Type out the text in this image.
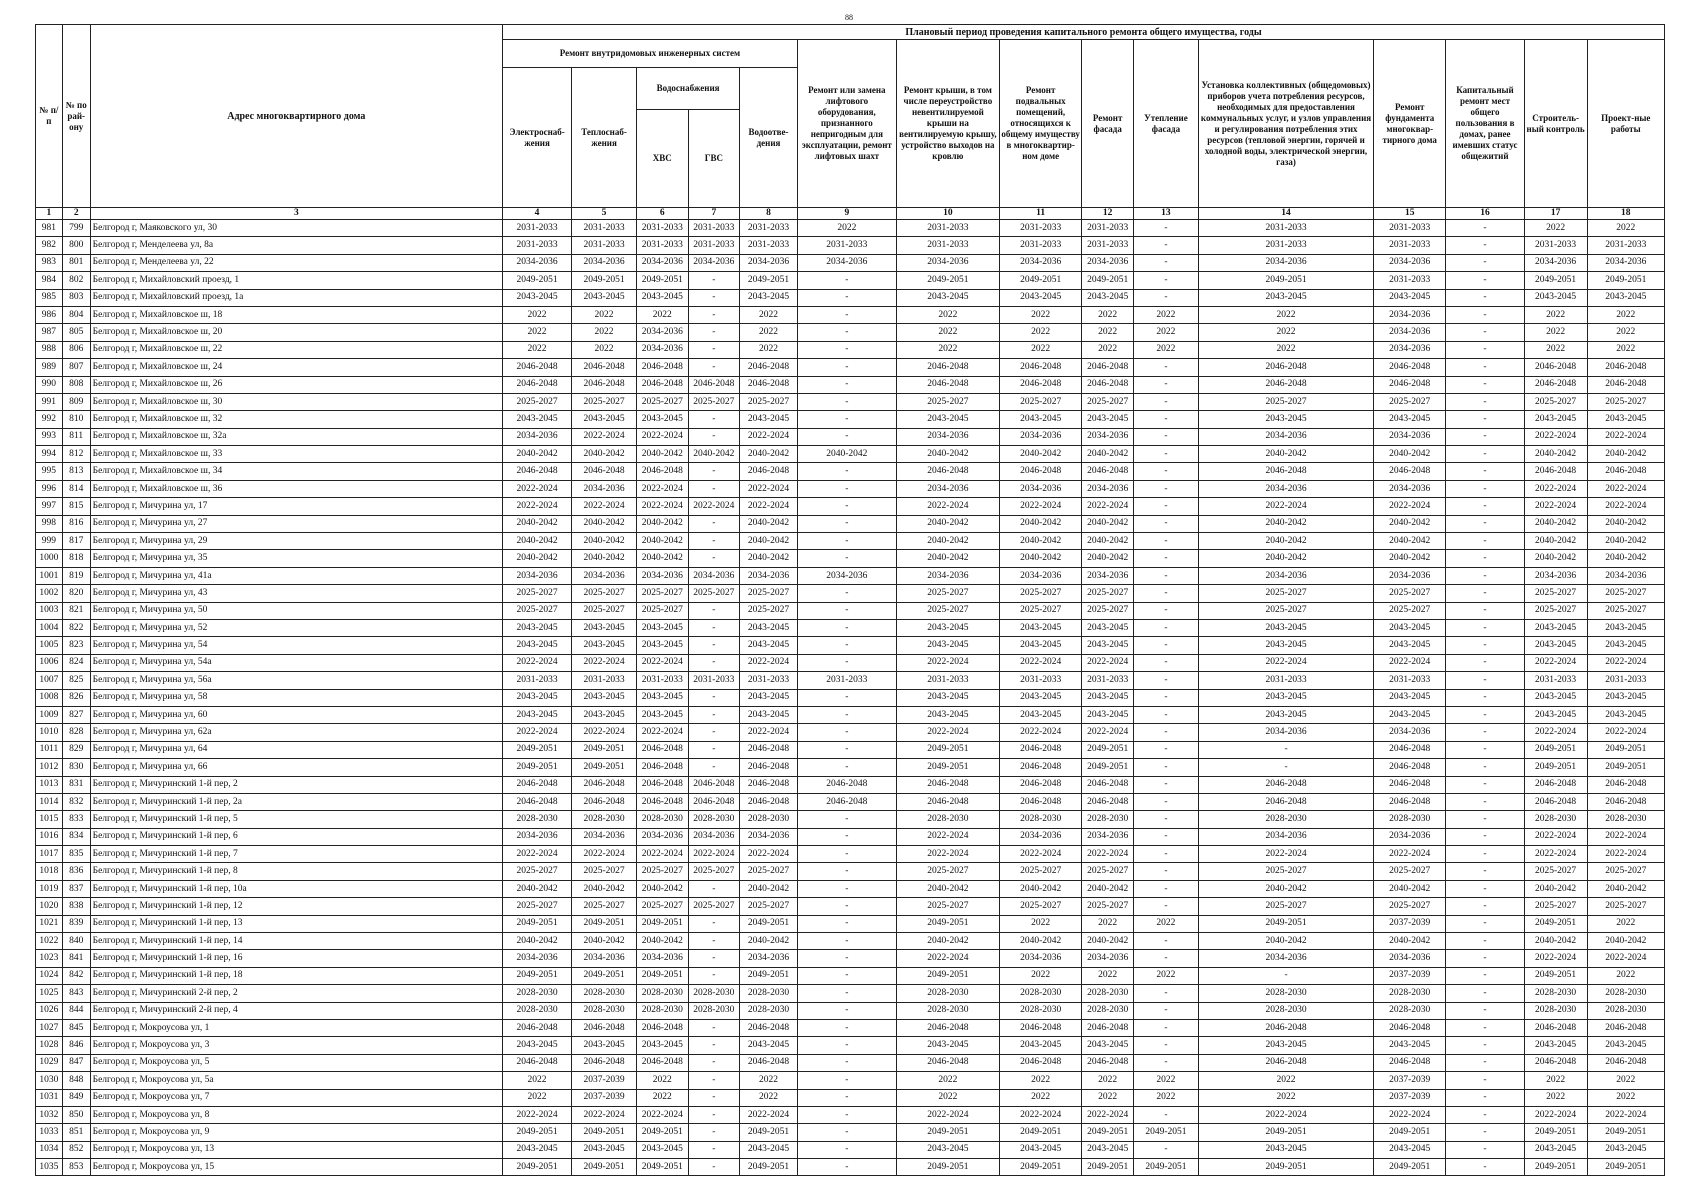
88
№ п/п	№ по рай-ону	Адрес многоквартирного дома	Плановый период проведения капитального ремонта общего имущества, годы														
			Ремонт внутридомовых инженерных систем					Ремонт или замена лифтового оборудования, признанного непригодным для эксплуатации, ремонт лифтовых шахт	Ремонт крыши, в том числе переустройство невентилируемой крыши на вентилируемую крышу, устройство выходов на кровлю	Ремонт подвальных помещений, относящихся к общему имуществу в многоквартир-ном доме	Ремонт фасада	Утепление фасада	Установка коллективных (общедомовых) приборов учета потребления ресурсов, необходимых для предоставления коммунальных услуг, и узлов управления и регулирования потребления этих ресурсов (тепловой энергии, горячей и холодной воды, электрической энергии, газа)	Ремонт фундамента многоквар-тирного дома	Капитальный ремонт мест общего пользования в домах, ранее имевших статус общежитий	Строитель-ный контроль	Проект-ные работы
			Электроснаб-жения	Теплоснаб-жения	Водоснабжения		Водоотве-дения										
					ХВС	ГВС											
1	2	3	4	5	6	7	8	9	10	11	12	13	14	15	16	17	18
981	799	Белгород г, Маяковского ул, 30	2031-2033	2031-2033	2031-2033	2031-2033	2031-2033	2022	2031-2033	2031-2033	2031-2033	-	2031-2033	2031-2033	-	2022	2022
982	800	Белгород г, Менделеева ул, 8а	2031-2033	2031-2033	2031-2033	2031-2033	2031-2033	2031-2033	2031-2033	2031-2033	2031-2033	-	2031-2033	2031-2033	-	2031-2033	2031-2033
983	801	Белгород г, Менделеева ул, 22	2034-2036	2034-2036	2034-2036	2034-2036	2034-2036	2034-2036	2034-2036	2034-2036	2034-2036	-	2034-2036	2034-2036	-	2034-2036	2034-2036
984	802	Белгород г, Михайловский проезд, 1	2049-2051	2049-2051	2049-2051	-	2049-2051	-	2049-2051	2049-2051	2049-2051	-	2049-2051	2031-2033	-	2049-2051	2049-2051
985	803	Белгород г, Михайловский проезд, 1а	2043-2045	2043-2045	2043-2045	-	2043-2045	-	2043-2045	2043-2045	2043-2045	-	2043-2045	2043-2045	-	2043-2045	2043-2045
986	804	Белгород г, Михайловское ш, 18	2022	2022	2022	-	2022	-	2022	2022	2022	2022	2022	2034-2036	-	2022	2022
987	805	Белгород г, Михайловское ш, 20	2022	2022	2034-2036	-	2022	-	2022	2022	2022	2022	2022	2034-2036	-	2022	2022
988	806	Белгород г, Михайловское ш, 22	2022	2022	2034-2036	-	2022	-	2022	2022	2022	2022	2022	2034-2036	-	2022	2022
989	807	Белгород г, Михайловское ш, 24	2046-2048	2046-2048	2046-2048	-	2046-2048	-	2046-2048	2046-2048	2046-2048	-	2046-2048	2046-2048	-	2046-2048	2046-2048
990	808	Белгород г, Михайловское ш, 26	2046-2048	2046-2048	2046-2048	2046-2048	2046-2048	-	2046-2048	2046-2048	2046-2048	-	2046-2048	2046-2048	-	2046-2048	2046-2048
991	809	Белгород г, Михайловское ш, 30	2025-2027	2025-2027	2025-2027	2025-2027	2025-2027	-	2025-2027	2025-2027	2025-2027	-	2025-2027	2025-2027	-	2025-2027	2025-2027
992	810	Белгород г, Михайловское ш, 32	2043-2045	2043-2045	2043-2045	-	2043-2045	-	2043-2045	2043-2045	2043-2045	-	2043-2045	2043-2045	-	2043-2045	2043-2045
993	811	Белгород г, Михайловское ш, 32а	2034-2036	2022-2024	2022-2024	-	2022-2024	-	2034-2036	2034-2036	2034-2036	-	2034-2036	2034-2036	-	2022-2024	2022-2024
994	812	Белгород г, Михайловское ш, 33	2040-2042	2040-2042	2040-2042	2040-2042	2040-2042	2040-2042	2040-2042	2040-2042	2040-2042	-	2040-2042	2040-2042	-	2040-2042	2040-2042
995	813	Белгород г, Михайловское ш, 34	2046-2048	2046-2048	2046-2048	-	2046-2048	-	2046-2048	2046-2048	2046-2048	-	2046-2048	2046-2048	-	2046-2048	2046-2048
996	814	Белгород г, Михайловское ш, 36	2022-2024	2034-2036	2022-2024	-	2022-2024	-	2034-2036	2034-2036	2034-2036	-	2034-2036	2034-2036	-	2022-2024	2022-2024
997	815	Белгород г, Мичурина ул, 17	2022-2024	2022-2024	2022-2024	2022-2024	2022-2024	-	2022-2024	2022-2024	2022-2024	-	2022-2024	2022-2024	-	2022-2024	2022-2024
998	816	Белгород г, Мичурина ул, 27	2040-2042	2040-2042	2040-2042	-	2040-2042	-	2040-2042	2040-2042	2040-2042	-	2040-2042	2040-2042	-	2040-2042	2040-2042
999	817	Белгород г, Мичурина ул, 29	2040-2042	2040-2042	2040-2042	-	2040-2042	-	2040-2042	2040-2042	2040-2042	-	2040-2042	2040-2042	-	2040-2042	2040-2042
1000	818	Белгород г, Мичурина ул, 35	2040-2042	2040-2042	2040-2042	-	2040-2042	-	2040-2042	2040-2042	2040-2042	-	2040-2042	2040-2042	-	2040-2042	2040-2042
1001	819	Белгород г, Мичурина ул, 41а	2034-2036	2034-2036	2034-2036	2034-2036	2034-2036	2034-2036	2034-2036	2034-2036	2034-2036	-	2034-2036	2034-2036	-	2034-2036	2034-2036
1002	820	Белгород г, Мичурина ул, 43	2025-2027	2025-2027	2025-2027	2025-2027	2025-2027	-	2025-2027	2025-2027	2025-2027	-	2025-2027	2025-2027	-	2025-2027	2025-2027
1003	821	Белгород г, Мичурина ул, 50	2025-2027	2025-2027	2025-2027	-	2025-2027	-	2025-2027	2025-2027	2025-2027	-	2025-2027	2025-2027	-	2025-2027	2025-2027
1004	822	Белгород г, Мичурина ул, 52	2043-2045	2043-2045	2043-2045	-	2043-2045	-	2043-2045	2043-2045	2043-2045	-	2043-2045	2043-2045	-	2043-2045	2043-2045
1005	823	Белгород г, Мичурина ул, 54	2043-2045	2043-2045	2043-2045	-	2043-2045	-	2043-2045	2043-2045	2043-2045	-	2043-2045	2043-2045	-	2043-2045	2043-2045
1006	824	Белгород г, Мичурина ул, 54а	2022-2024	2022-2024	2022-2024	-	2022-2024	-	2022-2024	2022-2024	2022-2024	-	2022-2024	2022-2024	-	2022-2024	2022-2024
1007	825	Белгород г, Мичурина ул, 56а	2031-2033	2031-2033	2031-2033	2031-2033	2031-2033	2031-2033	2031-2033	2031-2033	2031-2033	-	2031-2033	2031-2033	-	2031-2033	2031-2033
1008	826	Белгород г, Мичурина ул, 58	2043-2045	2043-2045	2043-2045	-	2043-2045	-	2043-2045	2043-2045	2043-2045	-	2043-2045	2043-2045	-	2043-2045	2043-2045
1009	827	Белгород г, Мичурина ул, 60	2043-2045	2043-2045	2043-2045	-	2043-2045	-	2043-2045	2043-2045	2043-2045	-	2043-2045	2043-2045	-	2043-2045	2043-2045
1010	828	Белгород г, Мичурина ул, 62а	2022-2024	2022-2024	2022-2024	-	2022-2024	-	2022-2024	2022-2024	2022-2024	-	2034-2036	2034-2036	-	2022-2024	2022-2024
1011	829	Белгород г, Мичурина ул, 64	2049-2051	2049-2051	2046-2048	-	2046-2048	-	2049-2051	2046-2048	2049-2051	-	-	2046-2048	-	2049-2051	2049-2051
1012	830	Белгород г, Мичурина ул, 66	2049-2051	2049-2051	2046-2048	-	2046-2048	-	2049-2051	2046-2048	2049-2051	-	-	2046-2048	-	2049-2051	2049-2051
1013	831	Белгород г, Мичуринский 1-й пер, 2	2046-2048	2046-2048	2046-2048	2046-2048	2046-2048	2046-2048	2046-2048	2046-2048	2046-2048	-	2046-2048	2046-2048	-	2046-2048	2046-2048
1014	832	Белгород г, Мичуринский 1-й пер, 2а	2046-2048	2046-2048	2046-2048	2046-2048	2046-2048	2046-2048	2046-2048	2046-2048	2046-2048	-	2046-2048	2046-2048	-	2046-2048	2046-2048
1015	833	Белгород г, Мичуринский 1-й пер, 5	2028-2030	2028-2030	2028-2030	2028-2030	2028-2030	-	2028-2030	2028-2030	2028-2030	-	2028-2030	2028-2030	-	2028-2030	2028-2030
1016	834	Белгород г, Мичуринский 1-й пер, 6	2034-2036	2034-2036	2034-2036	2034-2036	2034-2036	-	2022-2024	2034-2036	2034-2036	-	2034-2036	2034-2036	-	2022-2024	2022-2024
1017	835	Белгород г, Мичуринский 1-й пер, 7	2022-2024	2022-2024	2022-2024	2022-2024	2022-2024	-	2022-2024	2022-2024	2022-2024	-	2022-2024	2022-2024	-	2022-2024	2022-2024
1018	836	Белгород г, Мичуринский 1-й пер, 8	2025-2027	2025-2027	2025-2027	2025-2027	2025-2027	-	2025-2027	2025-2027	2025-2027	-	2025-2027	2025-2027	-	2025-2027	2025-2027
1019	837	Белгород г, Мичуринский 1-й пер, 10а	2040-2042	2040-2042	2040-2042	-	2040-2042	-	2040-2042	2040-2042	2040-2042	-	2040-2042	2040-2042	-	2040-2042	2040-2042
1020	838	Белгород г, Мичуринский 1-й пер, 12	2025-2027	2025-2027	2025-2027	2025-2027	2025-2027	-	2025-2027	2025-2027	2025-2027	-	2025-2027	2025-2027	-	2025-2027	2025-2027
1021	839	Белгород г, Мичуринский 1-й пер, 13	2049-2051	2049-2051	2049-2051	-	2049-2051	-	2049-2051	2022	2022	2022	2049-2051	2037-2039	-	2049-2051	2022
1022	840	Белгород г, Мичуринский 1-й пер, 14	2040-2042	2040-2042	2040-2042	-	2040-2042	-	2040-2042	2040-2042	2040-2042	-	2040-2042	2040-2042	-	2040-2042	2040-2042
1023	841	Белгород г, Мичуринский 1-й пер, 16	2034-2036	2034-2036	2034-2036	-	2034-2036	-	2022-2024	2034-2036	2034-2036	-	2034-2036	2034-2036	-	2022-2024	2022-2024
1024	842	Белгород г, Мичуринский 1-й пер, 18	2049-2051	2049-2051	2049-2051	-	2049-2051	-	2049-2051	2022	2022	2022	-	2037-2039	-	2049-2051	2022
1025	843	Белгород г, Мичуринский 2-й пер, 2	2028-2030	2028-2030	2028-2030	2028-2030	2028-2030	-	2028-2030	2028-2030	2028-2030	-	2028-2030	2028-2030	-	2028-2030	2028-2030
1026	844	Белгород г, Мичуринский 2-й пер, 4	2028-2030	2028-2030	2028-2030	2028-2030	2028-2030	-	2028-2030	2028-2030	2028-2030	-	2028-2030	2028-2030	-	2028-2030	2028-2030
1027	845	Белгород г, Мокроусова ул, 1	2046-2048	2046-2048	2046-2048	-	2046-2048	-	2046-2048	2046-2048	2046-2048	-	2046-2048	2046-2048	-	2046-2048	2046-2048
1028	846	Белгород г, Мокроусова ул, 3	2043-2045	2043-2045	2043-2045	-	2043-2045	-	2043-2045	2043-2045	2043-2045	-	2043-2045	2043-2045	-	2043-2045	2043-2045
1029	847	Белгород г, Мокроусова ул, 5	2046-2048	2046-2048	2046-2048	-	2046-2048	-	2046-2048	2046-2048	2046-2048	-	2046-2048	2046-2048	-	2046-2048	2046-2048
1030	848	Белгород г, Мокроусова ул, 5а	2022	2037-2039	2022	-	2022	-	2022	2022	2022	2022	2022	2037-2039	-	2022	2022
1031	849	Белгород г, Мокроусова ул, 7	2022	2037-2039	2022	-	2022	-	2022	2022	2022	2022	2022	2037-2039	-	2022	2022
1032	850	Белгород г, Мокроусова ул, 8	2022-2024	2022-2024	2022-2024	-	2022-2024	-	2022-2024	2022-2024	2022-2024	-	2022-2024	2022-2024	-	2022-2024	2022-2024
1033	851	Белгород г, Мокроусова ул, 9	2049-2051	2049-2051	2049-2051	-	2049-2051	-	2049-2051	2049-2051	2049-2051	2049-2051	2049-2051	2049-2051	-	2049-2051	2049-2051
1034	852	Белгород г, Мокроусова ул, 13	2043-2045	2043-2045	2043-2045	-	2043-2045	-	2043-2045	2043-2045	2043-2045	-	2043-2045	2043-2045	-	2043-2045	2043-2045
1035	853	Белгород г, Мокроусова ул, 15	2049-2051	2049-2051	2049-2051	-	2049-2051	-	2049-2051	2049-2051	2049-2051	2049-2051	2049-2051	2049-2051	-	2049-2051	2049-2051
